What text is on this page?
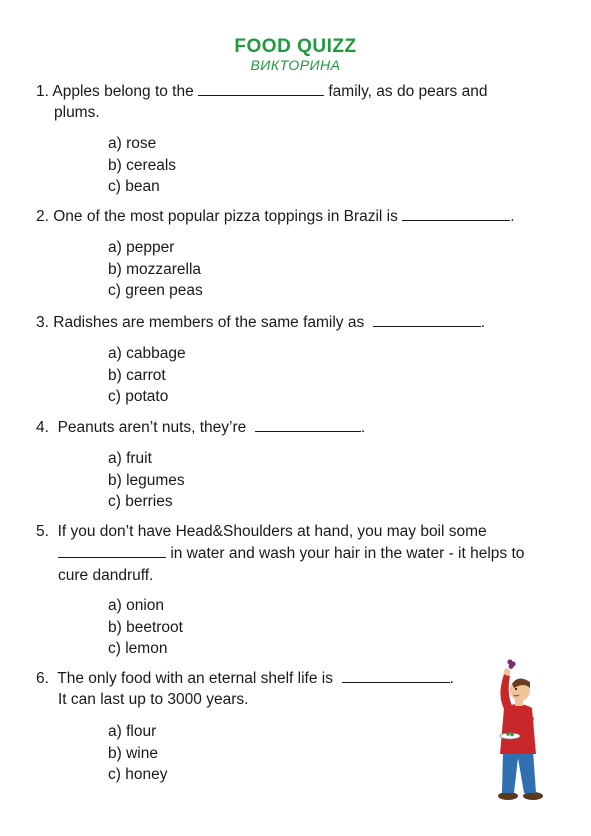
FOOD QUIZZ
ВИКТОРИНА
1. Apples belong to the	family, as do pears and
plums.
a) rose
b) cereals
c) bean
2. One of the most popular pizza toppings in Brazil is	.
a) pepper
b) mozzarella
c) green peas
3. Radishes are members of the same family as	.
a) cabbage
b) carrot
c) potato
4. Peanuts aren’t nuts, they’re	.
a) fruit
b) legumes
c) berries
5. If you don’t have Head&Shoulders at hand, you may boil some
in water and wash your hair in the water - it helps to
cure dandruff.
a) onion
b) beetroot
c) lemon
6. The only food with an eternal shelf life is	.
It can last up to 3000 years.
a) flour
b) wine
c) honey
